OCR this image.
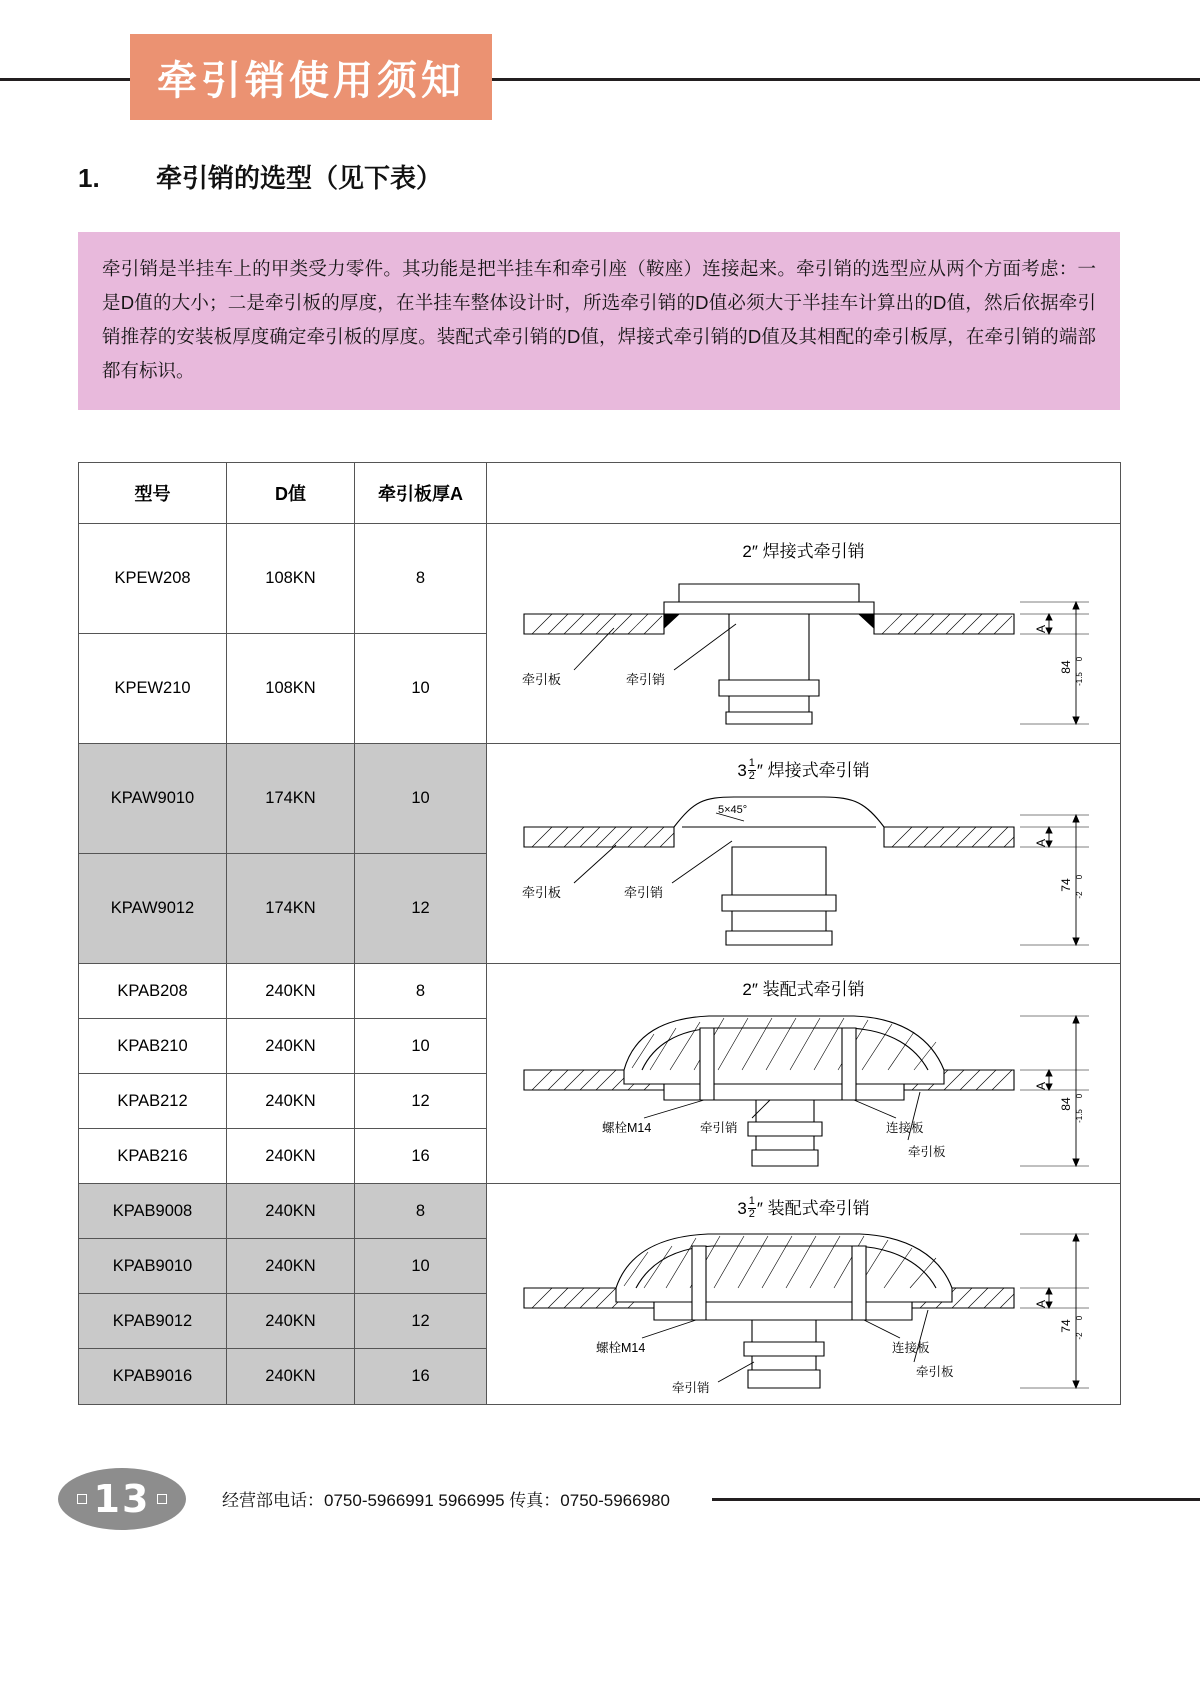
牵引销使用须知
1. 牵引销的选型（见下表）
牵引销是半挂车上的甲类受力零件。其功能是把半挂车和牵引座（鞍座）连接起来。牵引销的选型应从两个方面考虑：一是D值的大小；二是牵引板的厚度，在半挂车整体设计时，所选牵引销的D值必须大于半挂车计算出的D值，然后依据牵引销推荐的安装板厚度确定牵引板的厚度。装配式牵引销的D值，焊接式牵引销的D值及其相配的牵引板厚，在牵引销的端部都有标识。
型号	D值	牵引板厚A	
KPEW208	108KN	8	
2″ 焊接式牵引销
牵引板	牵引销
A
84
0
-1.5

KPEW210	108KN	10	
KPAW9010	174KN	10	
$3 \frac{1}{2}$ ″ 焊接式牵引销
牵引板	牵引销
5×45°
A
74
0
-2

KPAW9012	174KN	12	
KPAB208	240KN	8	2″ 装配式牵引销
螺栓M14	牵引销	连接板
牵引板
A
84
0
-1.5

KPAB210	240KN	10	
KPAB212	240KN	12	
KPAB216	240KN	16	
KPAB9008	240KN	8	$3 \frac{1}{2}$ ″ 装配式牵引销
螺栓M14	连接板
牵引板
牵引销
A
74
0
-2

KPAB9010	240KN	10	
KPAB9012	240KN	12	
KPAB9016	240KN	16	
13	经营部电话：0750-5966991 5966995 传真：0750-5966980
